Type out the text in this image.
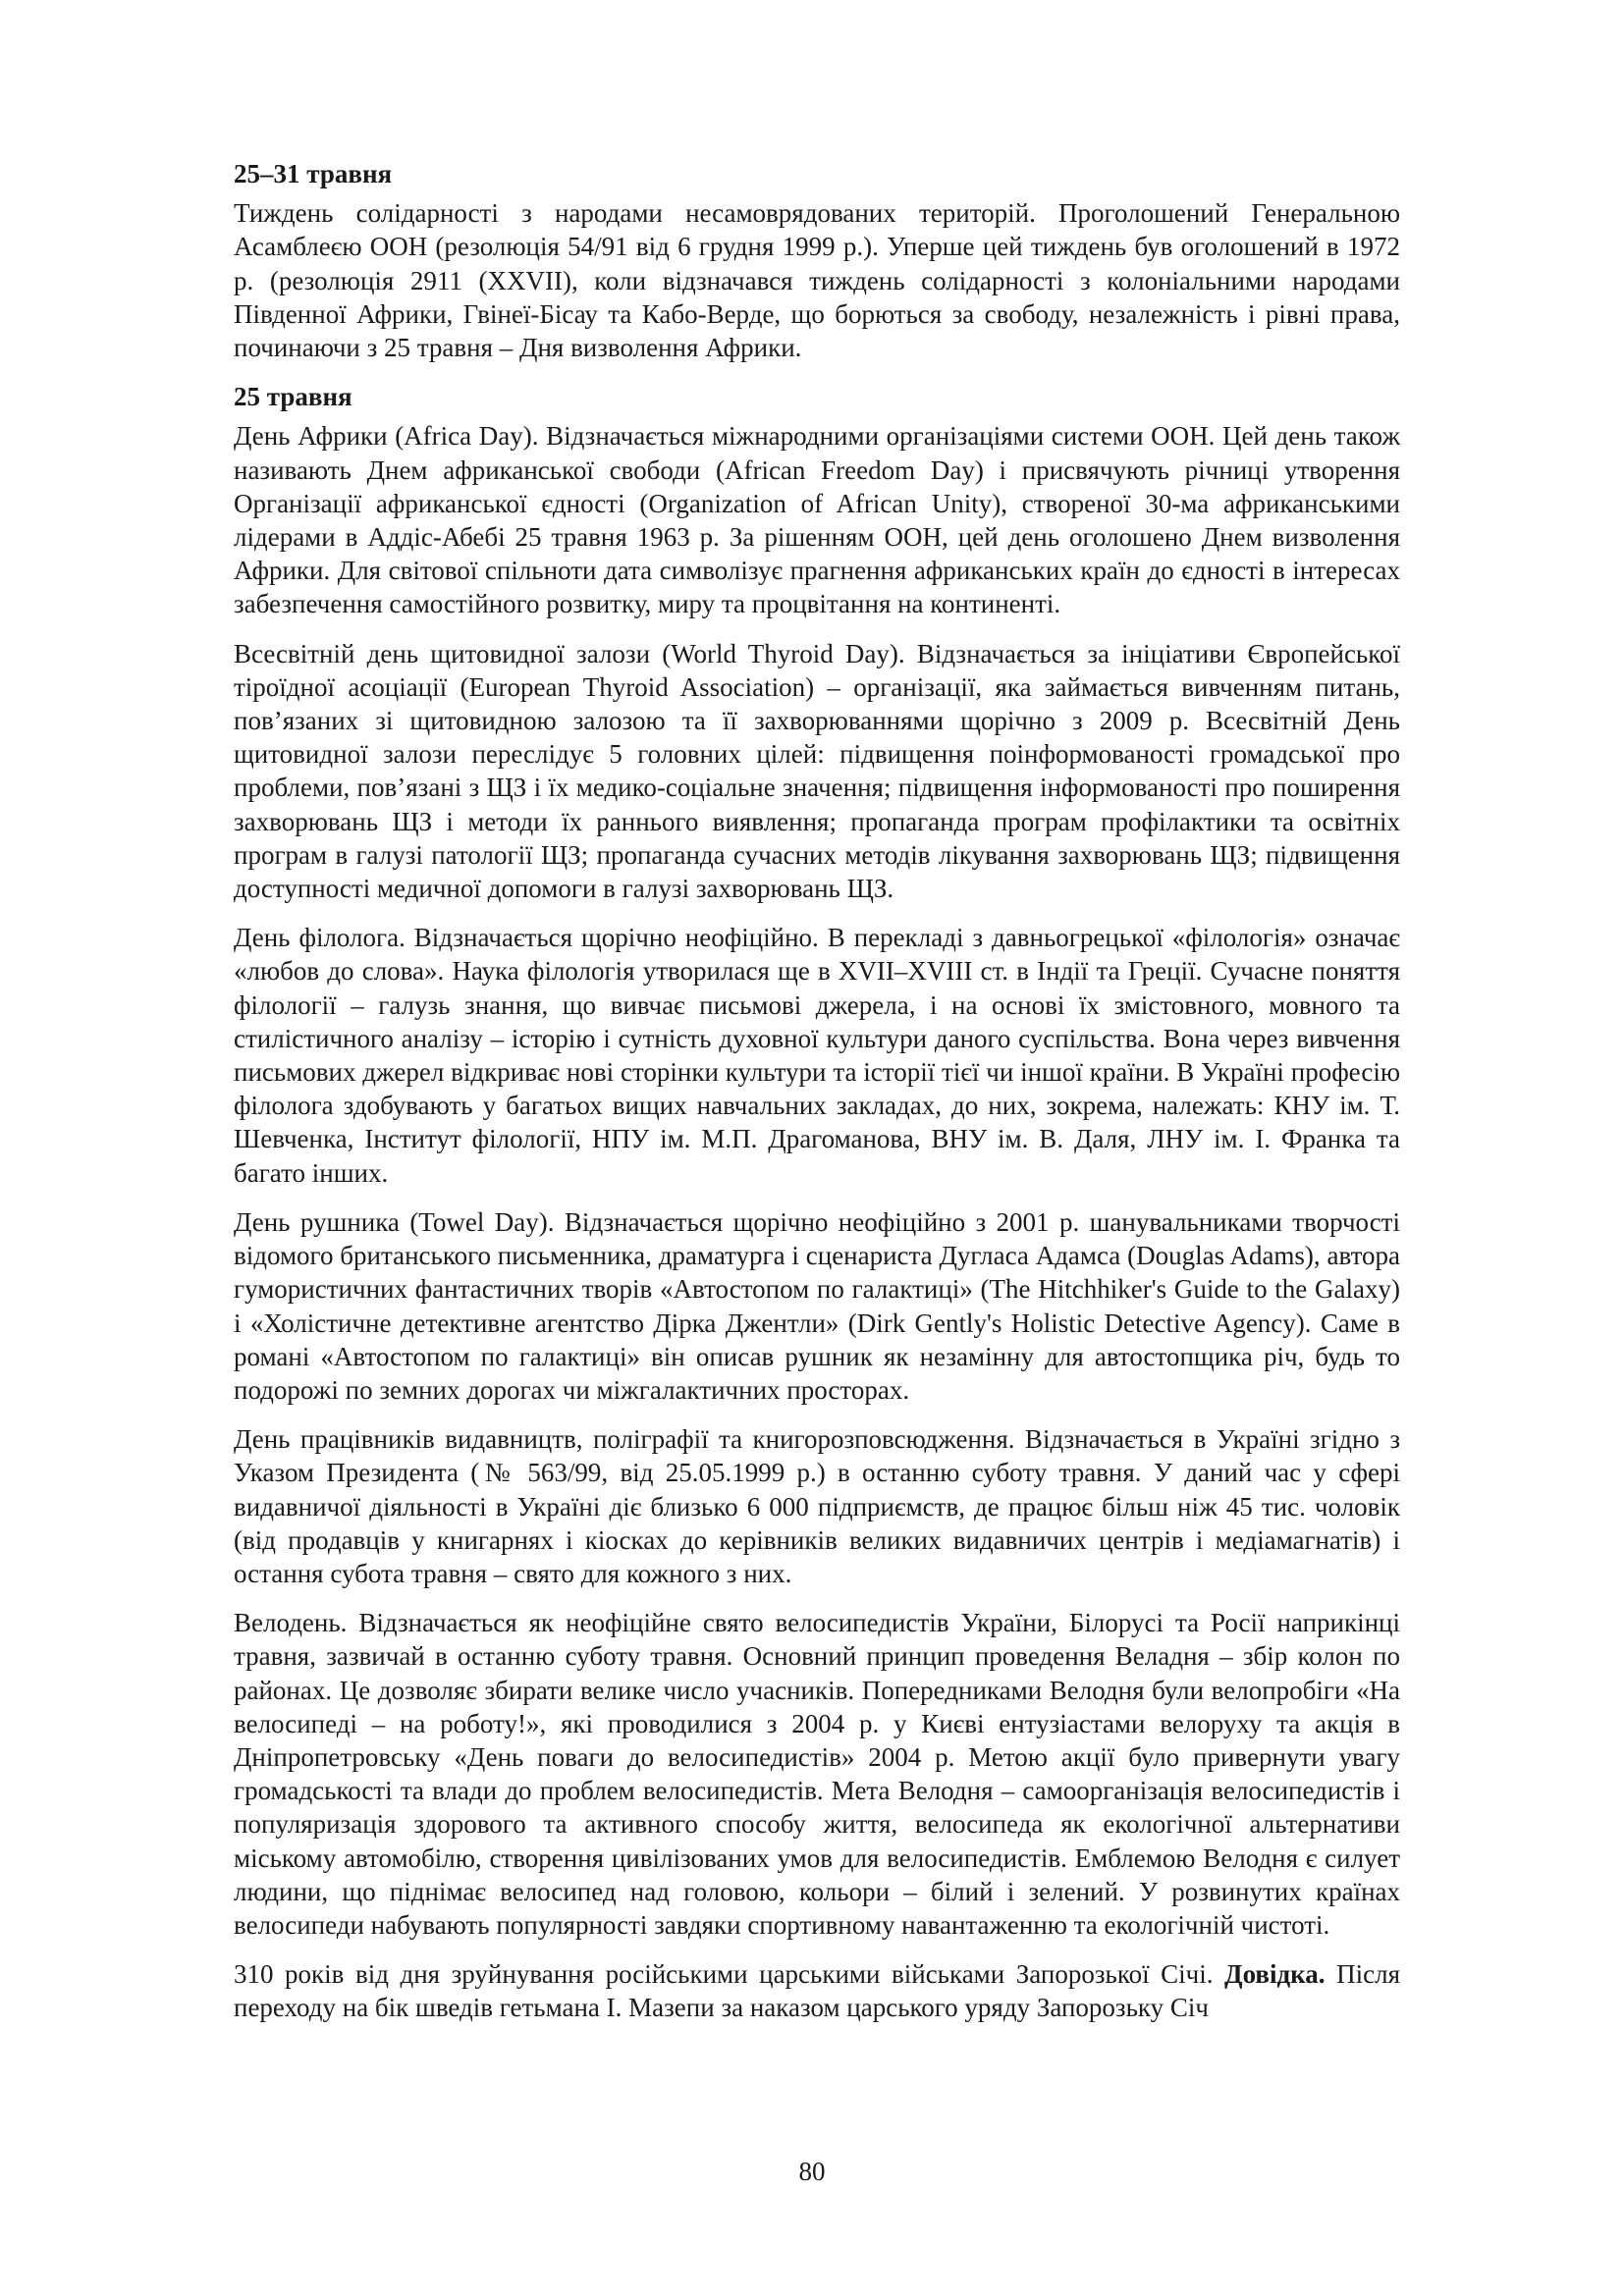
25–31 травня

Тиждень солідарності з народами несамоврядованих територій. Проголошений Генеральною Асамблеєю ООН (резолюція 54/91 від 6 грудня 1999 р.). Уперше цей тиждень був оголошений в 1972 р. (резолюція 2911 (XXVII), коли відзначався тиждень солідарності з колоніальними народами Південної Африки, Гвінеї-Бісау та Кабо-Верде, що борються за свободу, незалежність і рівні права, починаючи з 25 травня – Дня визволення Африки.

25 травня

День Африки (Africa Day). Відзначається міжнародними організаціями системи ООН. Цей день також називають Днем африканської свободи (African Freedom Day) і присвячують річниці утворення Організації африканської єдності (Organization of African Unity), створеної 30-ма африканськими лідерами в Аддіс-Абебі 25 травня 1963 р. За рішенням ООН, цей день оголошено Днем визволення Африки. Для світової спільноти дата символізує прагнення африканських країн до єдності в інтересах забезпечення самостійного розвитку, миру та процвітання на континенті.

Всесвітній день щитовидної залози (World Thyroid Day). Відзначається за ініціативи Європейської тіроїдної асоціації (European Thyroid Association) – організації, яка займається вивченням питань, пов’язаних зі щитовидною залозою та її захворюваннями щорічно з 2009 р. Всесвітній День щитовидної залози переслідує 5 головних цілей: підвищення поінформованості громадської про проблеми, пов’язані з ЩЗ і їх медико-соціальне значення; підвищення інформованості про поширення захворювань ЩЗ і методи їх раннього виявлення; пропаганда програм профілактики та освітніх програм в галузі патології ЩЗ; пропаганда сучасних методів лікування захворювань ЩЗ; підвищення доступності медичної допомоги в галузі захворювань ЩЗ.

День філолога. Відзначається щорічно неофіційно. В перекладі з давньогрецької «філологія» означає «любов до слова». Наука філологія утворилася ще в XVII–XVIII ст. в Індії та Греції. Сучасне поняття філології – галузь знання, що вивчає письмові джерела, і на основі їх змістовного, мовного та стилістичного аналізу – історію і сутність духовної культури даного суспільства. Вона через вивчення письмових джерел відкриває нові сторінки культури та історії тієї чи іншої країни. В Україні професію філолога здобувають у багатьох вищих навчальних закладах, до них, зокрема, належать: КНУ ім. Т. Шевченка, Інститут філології, НПУ ім. М.П. Драгоманова, ВНУ ім. В. Даля, ЛНУ ім. І. Франка та багато інших.

День рушника (Towel Day). Відзначається щорічно неофіційно з 2001 р. шанувальниками творчості відомого британського письменника, драматурга і сценариста Дугласа Адамса (Douglas Adams), автора гумористичних фантастичних творів «Автостопом по галактиці» (The Hitchhiker's Guide to the Galaxy) і «Холістичне детективне агентство Дірка Джентли» (Dirk Gently's Holistic Detective Agency). Саме в романі «Автостопом по галактиці» він описав рушник як незамінну для автостопщика річ, будь то подорожі по земних дорогах чи міжгалактичних просторах.

День працівників видавництв, поліграфії та книгорозповсюдження. Відзначається в Україні згідно з Указом Президента (№ 563/99, від 25.05.1999 р.) в останню суботу травня. У даний час у сфері видавничої діяльності в Україні діє близько 6 000 підприємств, де працює більш ніж 45 тис. чоловік (від продавців у книгарнях і кіосках до керівників великих видавничих центрів і медіамагнатів) і остання субота травня – свято для кожного з них.

Велодень. Відзначається як неофіційне свято велосипедистів України, Білорусі та Росії наприкінці травня, зазвичай в останню суботу травня. Основний принцип проведення Веладня – збір колон по районах. Це дозволяє збирати велике число учасників. Попередниками Велодня були велопробіги «На велосипеді – на роботу!», які проводилися з 2004 р. у Києві ентузіастами велоруху та акція в Дніпропетровську «День поваги до велосипедистів» 2004 р. Метою акції було привернути увагу громадськості та влади до проблем велосипедистів. Мета Велодня – самоорганізація велосипедистів і популяризація здорового та активного способу життя, велосипеда як екологічної альтернативи міському автомобілю, створення цивілізованих умов для велосипедистів. Емблемою Велодня є силует людини, що піднімає велосипед над головою, кольори – білий і зелений. У розвинутих країнах велосипеди набувають популярності завдяки спортивному навантаженню та екологічній чистоті.

310 років від дня зруйнування російськими царськими військами Запорозької Січі. Довідка. Після переходу на бік шведів гетьмана І. Мазепи за наказом царського уряду Запорозьку Січ

80
